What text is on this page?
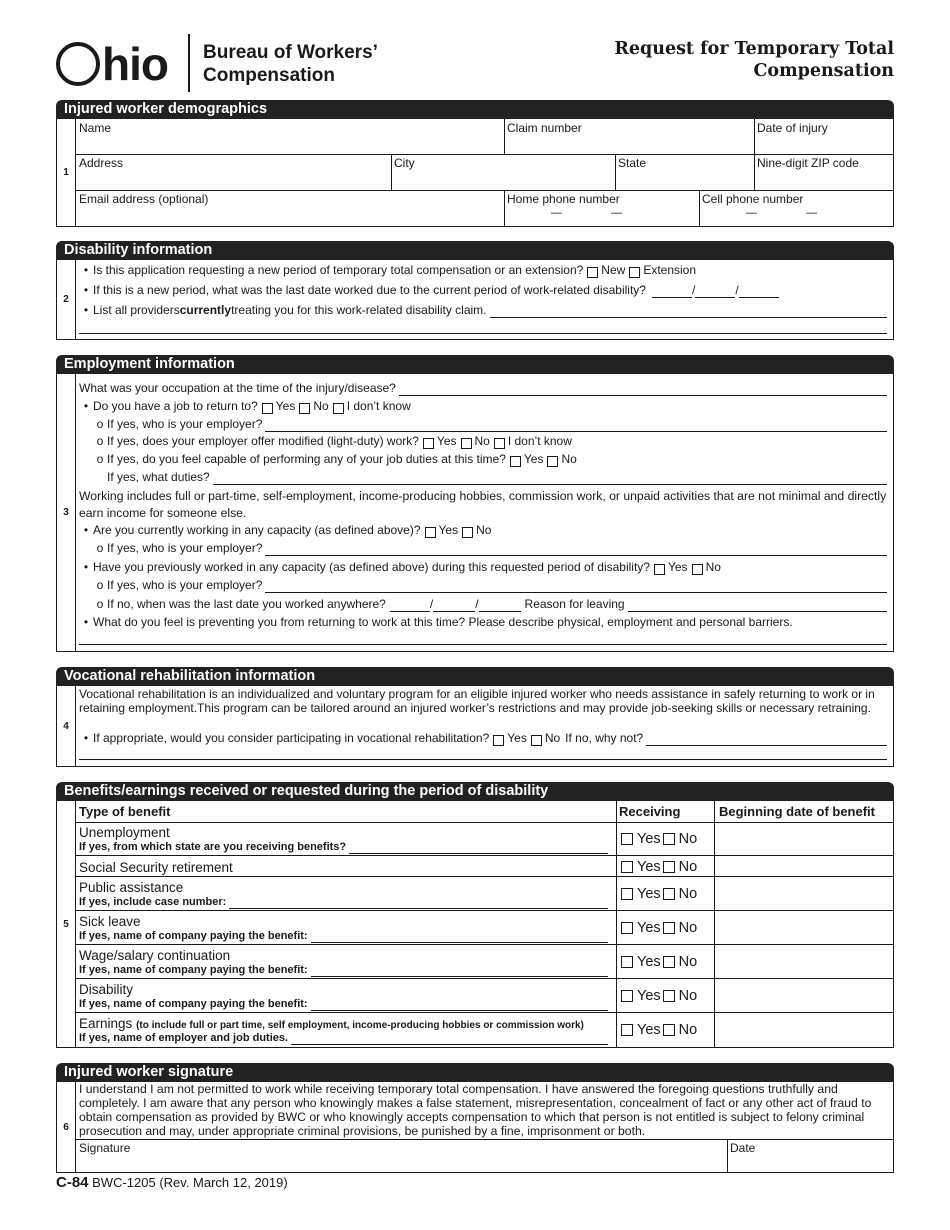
hio Bureau of Workers’
Compensation
Request for Temporary Total
Compensation
Injured worker demographics
1
Name	Claim number	Date of injury
Address	City	State	Nine-digit ZIP code
Email address (optional)	Home phone number	Cell phone number
—	—	—	—
Disability information
2
• Is this application requesting a new period of temporary total compensation or an extension? New Extension
• If this is a new period, what was the last date worked due to the current period of work-related disability?	/	/
• List all providers currently treating you for this work-related disability claim.
Employment information
3
What was your occupation at the time of the injury/disease?
• Do you have a job to return to? Yes No I don’t know
o If yes, who is your employer?
o If yes, does your employer offer modified (light-duty) work? Yes No I don’t know
o If yes, do you feel capable of performing any of your job duties at this time? Yes No
If yes, what duties?
Working includes full or part-time, self-employment, income-producing hobbies, commission work, or unpaid activities that are not minimal and directly earn income for someone else.
• Are you currently working in any capacity (as defined above)? Yes No
o If yes, who is your employer?
• Have you previously worked in any capacity (as defined above) during this requested period of disability? Yes No
o If yes, who is your employer?
o If no, when was the last date you worked anywhere?	/	/	Reason for leaving
• What do you feel is preventing you from returning to work at this time? Please describe physical, employment and personal barriers.
Vocational rehabilitation information
4
Vocational rehabilitation is an individualized and voluntary program for an eligible injured worker who needs assistance in safely returning to work or in retaining employment.This program can be tailored around an injured worker’s restrictions and may provide job-seeking skills or necessary retraining.
• If appropriate, would you consider participating in vocational rehabilitation? Yes No If no, why not?
Benefits/earnings received or requested during the period of disability
5
Type of benefit	Receiving	Beginning date of benefit
Unemployment
If yes, from which state are you receiving benefits?	Yes No
Social Security retirement	Yes No
Public assistance
If yes, include case number:	Yes No
Sick leave
If yes, name of company paying the benefit:	Yes No
Wage/salary continuation
If yes, name of company paying the benefit:	Yes No
Disability
If yes, name of company paying the benefit:	Yes No
Earnings (to include full or part time, self employment, income-producing hobbies or commission work)
If yes, name of employer and job duties.	Yes No
Injured worker signature
6
I understand I am not permitted to work while receiving temporary total compensation. I have answered the foregoing questions truthfully and completely. I am aware that any person who knowingly makes a false statement, misrepresentation, concealment of fact or any other act of fraud to obtain compensation as provided by BWC or who knowingly accepts compensation to which that person is not entitled is subject to felony criminal prosecution and may, under appropriate criminal provisions, be punished by a fine, imprisonment or both.
Signature	Date
C-84 BWC-1205 (Rev. March 12, 2019)
